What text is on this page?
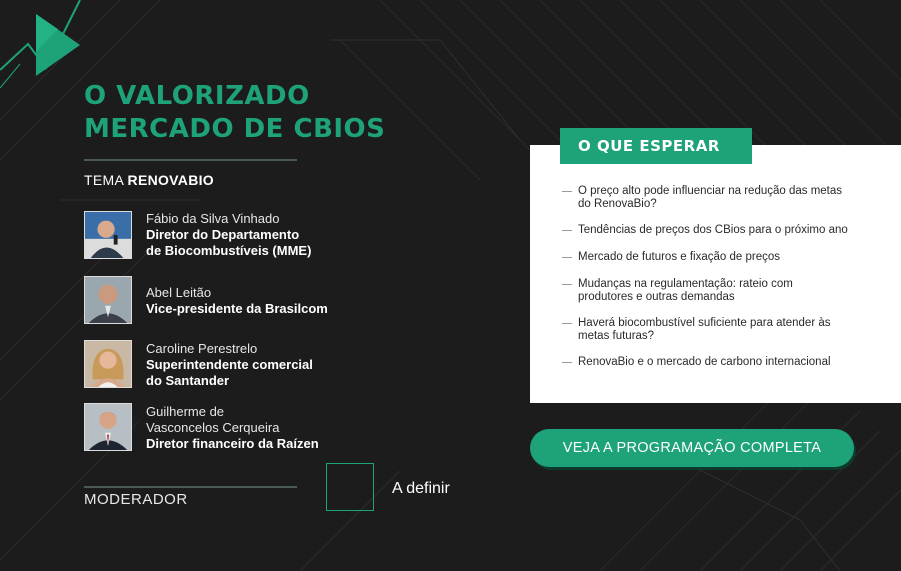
O VALORIZADO
MERCADO DE CBIOS
TEMA RENOVABIO
Fábio da Silva Vinhado
Diretor do Departamento
de Biocombustíveis (MME)
Abel Leitão
Vice-presidente da Brasilcom
Caroline Perestrelo
Superintendente comercial
do Santander
Guilherme de
Vasconcelos Cerqueira
Diretor financeiro da Raízen
MODERADOR
A definir
O preço alto pode influenciar na redução das metas
do RenovaBio?
Tendências de preços dos CBios para o próximo ano
Mercado de futuros e fixação de preços
Mudanças na regulamentação: rateio com
produtores e outras demandas
Haverá biocombustível suficiente para atender às
metas futuras?
RenovaBio e o mercado de carbono internacional
O QUE ESPERAR
VEJA A PROGRAMAÇÃO COMPLETA
